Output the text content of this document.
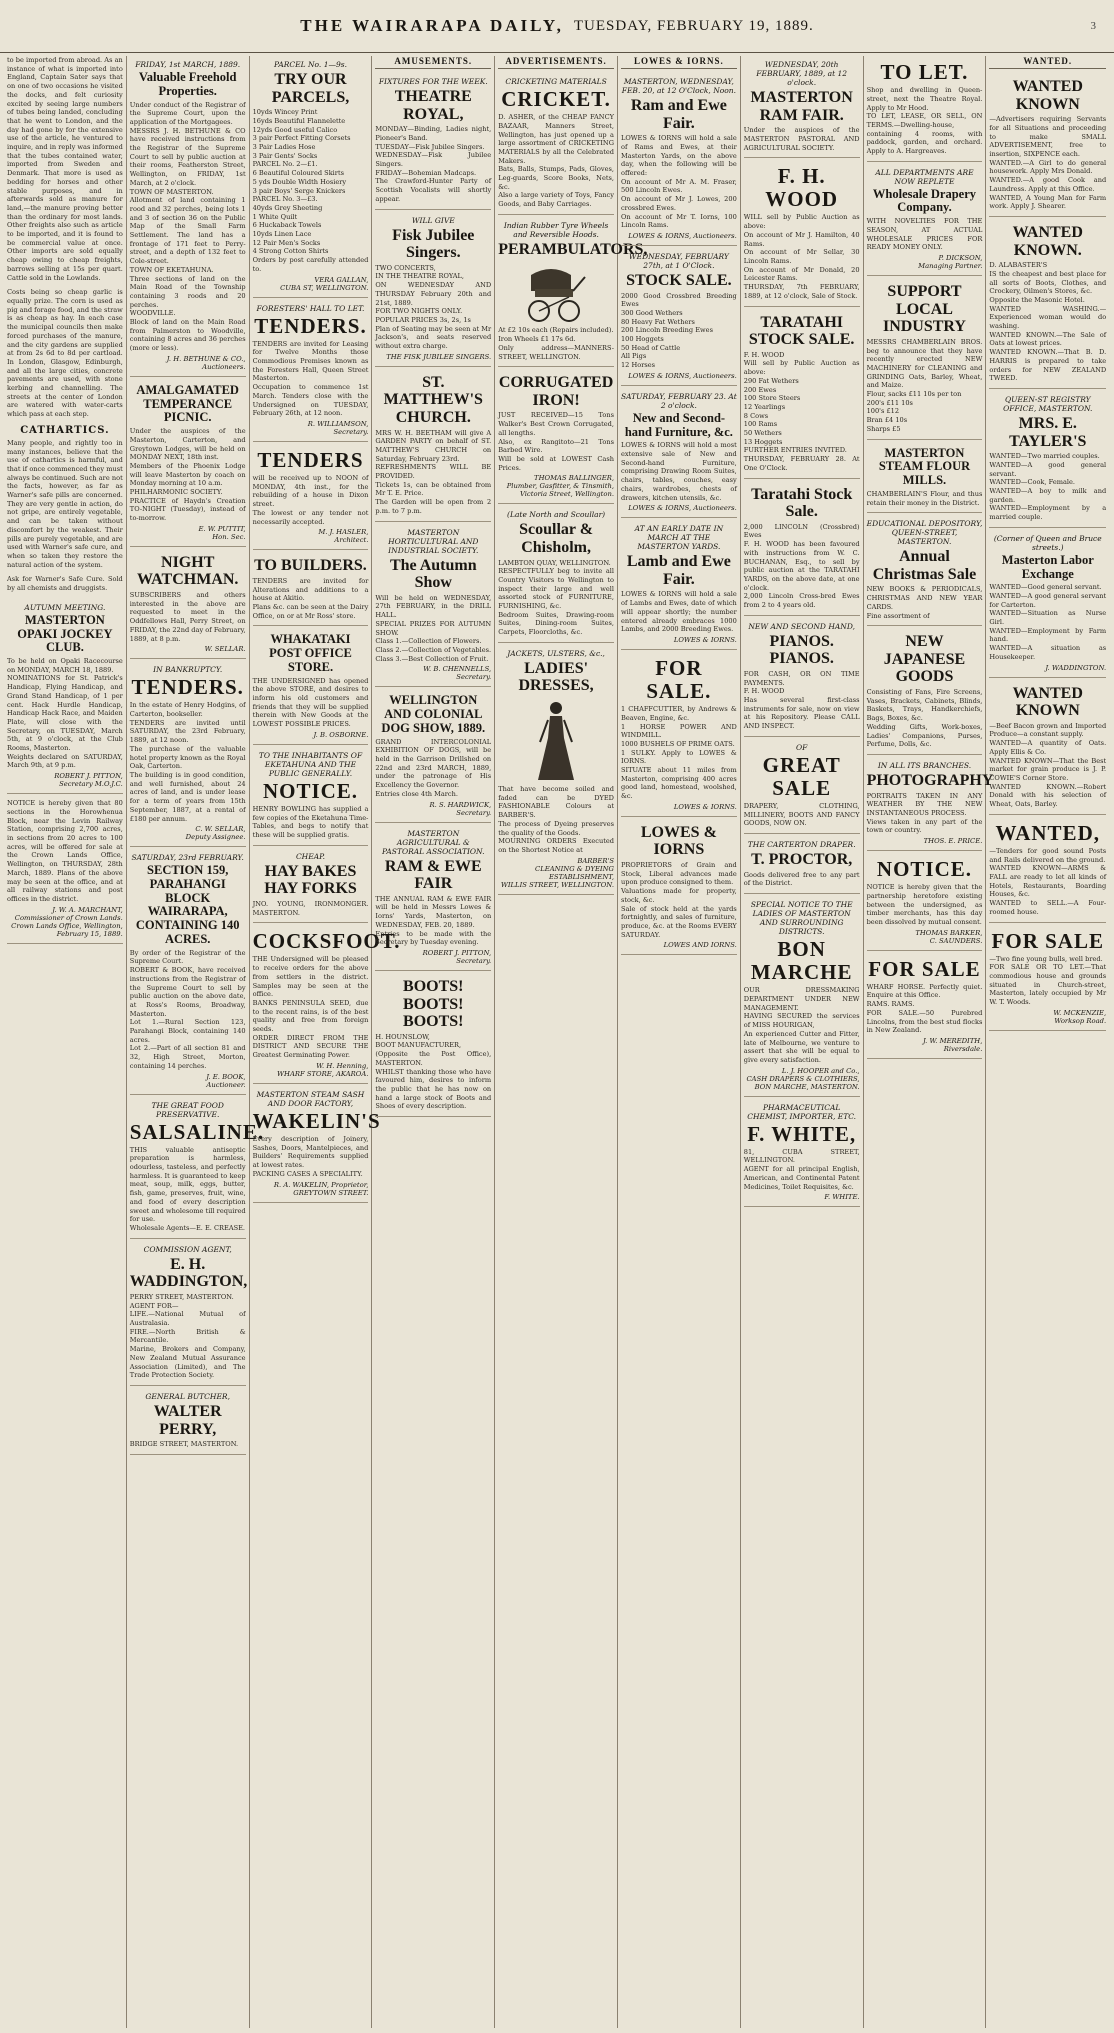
THE WAIRARAPA DAILY, TUESDAY, FEBRUARY 19, 1889.	3
to be imported from abroad. As an instance of what is imported into England, Captain Sater says that on one of two occasions he visited the docks, and felt curiosity excited by seeing large numbers of tubes being landed, concluding that he went to London, and the day had gone by for the extensive use of the article, he ventured to inquire, and in reply was informed that the tubes contained water, imported from Sweden and Denmark. That more is used as bedding for horses and other stable purposes, and in afterwards sold as manure for land,—the manure proving better than the ordinary for most lands. Other freights also such as article to be imported, and it is found to be commercial value at once. Other imports are sold equally cheap owing to cheap freights, barrows selling at 15s per quart. Cattle sold in the Lowlands.
Costs being so cheap garlic is equally prize. The corn is used as pig and forage food, and the straw is as cheap as hay. In each case the municipal councils then make forced purchases of the manure, and the city gardens are supplied at from 2s 6d to 8d per cartload. In London, Glasgow, Edinburgh, and all the large cities, concrete pavements are used, with stone kerbing and channelling. The streets at the center of London are watered with water-carts which pass at each step.
CATHARTICS.
Many people, and rightly too in many instances, believe that the use of cathartics is harmful, and that if once commenced they must always be continued. Such are not the facts, however, as far as Warner's safe pills are concerned. They are very gentle in action, do not gripe, are entirely vegetable, and can be taken without discomfort by the weakest. Their pills are purely vegetable, and are used with Warner's safe cure, and when so taken they restore the natural action of the system.
Ask for Warner's Safe Cure. Sold by all chemists and druggists.
AUTUMN MEETING.
MASTERTON OPAKI JOCKEY CLUB.
To be held on Opaki Racecourse on MONDAY, MARCH 18, 1889.
NOMINATIONS for St. Patrick's Handicap, Flying Handicap, and Grand Stand Handicap, of 1 per cent. Hack Hurdle Handicap, Handicap Hack Race, and Maiden Plate, will close with the Secretary, on TUESDAY, March 5th, at 9 o'clock, at the Club Rooms, Masterton.
Weights declared on SATURDAY, March 9th, at 9 p.m.
ROBERT J. PITTON,
Secretary M.O.J.C.
NOTICE is hereby given that 80 sections in the Horowhenua Block, near the Levin Railway Station, comprising 2,700 acres, in sections from 20 acres to 100 acres, will be offered for sale at the Crown Lands Office, Wellington, on THURSDAY, 28th March, 1889. Plans of the above may be seen at the office, and at all railway stations and post offices in the district.
J. W. A. MARCHANT,
Commissioner of Crown Lands.
Crown Lands Office, Wellington, February 15, 1889.
FRIDAY, 1st MARCH, 1889.
Valuable Freehold Properties.
Under conduct of the Registrar of the Supreme Court, upon the application of the Mortgagees.
MESSRS J. H. BETHUNE & CO have received instructions from the Registrar of the Supreme Court to sell by public auction at their rooms, Featherston Street, Wellington, on FRIDAY, 1st March, at 2 o'clock.
TOWN OF MASTERTON.
Allotment of land containing 1 rood and 32 perches, being lots 1 and 3 of section 36 on the Public Map of the Small Farm Settlement. The land has a frontage of 171 feet to Perry-street, and a depth of 132 feet to Cole-street.
TOWN OF EKETAHUNA.
Three sections of land on the Main Road of the Township containing 3 roods and 20 perches.
WOODVILLE.
Block of land on the Main Road from Palmerston to Woodville, containing 8 acres and 36 perches (more or less).
J. H. BETHUNE & CO.,
Auctioneers.
AMALGAMATED TEMPERANCE PICNIC.
Under the auspices of the Masterton, Carterton, and Greytown Lodges, will be held on MONDAY NEXT, 18th inst.
Members of the Phoenix Lodge will leave Masterton by coach on Monday morning at 10 a.m.
PHILHARMONIC SOCIETY.
PRACTICE of Haydn's Creation TO-NIGHT (Tuesday), instead of to-morrow.
E. W. PUTTIT,
Hon. Sec.
NIGHT WATCHMAN.
SUBSCRIBERS and others interested in the above are requested to meet in the Oddfellows Hall, Perry Street, on FRIDAY, the 22nd day of February, 1889, at 8 p.m.
W. SELLAR.
IN BANKRUPTCY.
TENDERS.
In the estate of Henry Hodgins, of Carterton, bookseller.
TENDERS are invited until SATURDAY, the 23rd February, 1889, at 12 noon.
The purchase of the valuable hotel property known as the Royal Oak, Carterton.
The building is in good condition, and well furnished, about 24 acres of land, and is under lease for a term of years from 15th September, 1887, at a rental of £180 per annum.
C. W. SELLAR,
Deputy Assignee.
SATURDAY, 23rd FEBRUARY.
SECTION 159, PARAHANGI BLOCK WAIRARAPA, CONTAINING 140 ACRES.
By order of the Registrar of the Supreme Court.
ROBERT & BOOK, have received instructions from the Registrar of the Supreme Court to sell by public auction on the above date, at Ross's Rooms, Broadway, Masterton.
Lot 1.—Rural Section 123, Parahangi Block, containing 140 acres.
Lot 2.—Part of all section 81 and 32, High Street, Morton, containing 14 perches.
J. E. BOOK,
Auctioneer.
THE GREAT FOOD PRESERVATIVE.
SALSALINE.
THIS valuable antiseptic preparation is harmless, odourless, tasteless, and perfectly harmless. It is guaranteed to keep meat, soup, milk, eggs, butter, fish, game, preserves, fruit, wine, and food of every description sweet and wholesome till required for use.
Wholesale Agents—E. E. CREASE.
COMMISSION AGENT,
E. H. WADDINGTON,
PERRY STREET, MASTERTON.
AGENT FOR—
LIFE.—National Mutual of Australasia.
FIRE.—North British & Mercantile.
Marine, Brokers and Company, New Zealand Mutual Assurance Association (Limited), and The Trade Protection Society.
GENERAL BUTCHER,
WALTER PERRY,
BRIDGE STREET, MASTERTON.
PARCEL No. 1—9s.
TRY OUR PARCELS,
10yds Wincey Print
16yds Beautiful Flannelette
12yds Good useful Calico
3 pair Perfect Fitting Corsets
3 Pair Ladies Hose
3 Pair Gents' Socks
PARCEL No. 2—£1.
6 Beautiful Coloured Skirts
5 yds Double Width Hosiery
3 pair Boys' Serge Knickers
PARCEL No. 3—£3.
40yds Grey Sheeting
1 White Quilt
6 Huckaback Towels
10yds Linen Lace
12 Pair Men's Socks
4 Strong Cotton Shirts
Orders by post carefully attended to.
VERA GALLAN,
CUBA ST, WELLINGTON.
FORESTERS' HALL TO LET.
TENDERS.
TENDERS are invited for Leasing for Twelve Months those Commodious Premises known as the Foresters Hall, Queen Street Masterton.
Occupation to commence 1st March. Tenders close with the Undersigned on TUESDAY, February 26th, at 12 noon.
R. WILLIAMSON,
Secretary.
TENDERS
will be received up to NOON of MONDAY, 4th inst., for the rebuilding of a house in Dixon street.
The lowest or any tender not necessarily accepted.
M. J. HASLER,
Architect.
TO BUILDERS.
TENDERS are invited for Alterations and additions to a house at Akitio.
Plans &c. can be seen at the Dairy Office, on or at Mr Ross' store.
WHAKATAKI POST OFFICE STORE.
THE UNDERSIGNED has opened the above STORE, and desires to inform his old customers and friends that they will be supplied therein with New Goods at the LOWEST POSSIBLE PRICES.
J. B. OSBORNE.
TO THE INHABITANTS OF EKETAHUNA AND THE PUBLIC GENERALLY.
NOTICE.
HENRY BOWLING has supplied a few copies of the Eketahuna Time-Tables, and begs to notify that these will be supplied gratis.
CHEAP.
HAY BAKES HAY FORKS
JNO. YOUNG, IRONMONGER. MASTERTON.
COCKSFOOT.
THE Undersigned will be pleased to receive orders for the above from settlers in the district. Samples may be seen at the office.
BANKS PENINSULA SEED, due to the recent rains, is of the best quality and free from foreign seeds.
ORDER DIRECT FROM THE DISTRICT AND SECURE THE Greatest Germinating Power.
W. H. Henning,
WHARF STORE, AKAROA.
MASTERTON STEAM SASH AND DOOR FACTORY,
WAKELIN'S
Every description of Joinery, Sashes, Doors, Mantelpieces, and Builders' Requirements supplied at lowest rates.
PACKING CASES A SPECIALITY.
R. A. WAKELIN, Proprietor,
GREYTOWN STREET.
AMUSEMENTS.
FIXTURES FOR THE WEEK.
THEATRE ROYAL,
MONDAY—Binding, Ladies night, Pioneer's Band.
TUESDAY—Fisk Jubilee Singers.
WEDNESDAY—Fisk Jubilee Singers.
FRIDAY—Bohemian Madcaps.
The Crawford-Hunter Party of Scottish Vocalists will shortly appear.
WILL GIVE
Fisk Jubilee Singers.
TWO CONCERTS,
IN THE THEATRE ROYAL,
ON WEDNESDAY AND THURSDAY February 20th and 21st, 1889.
FOR TWO NIGHTS ONLY.
POPULAR PRICES 3s, 2s, 1s
Plan of Seating may be seen at Mr Jackson's, and seats reserved without extra charge.
THE FISK JUBILEE SINGERS.
ST. MATTHEW'S CHURCH.
MRS W. H. BEETHAM will give A GARDEN PARTY on behalf of ST. MATTHEW'S CHURCH on Saturday, February 23rd.
REFRESHMENTS WILL BE PROVIDED.
Tickets 1s, can be obtained from Mr T. E. Price.
The Garden will be open from 2 p.m. to 7 p.m.
MASTERTON HORTICULTURAL AND INDUSTRIAL SOCIETY.
The Autumn Show
Will be held on WEDNESDAY, 27th FEBRUARY, in the DRILL HALL.
SPECIAL PRIZES FOR AUTUMN SHOW.
Class 1.—Collection of Flowers.
Class 2.—Collection of Vegetables.
Class 3.—Best Collection of Fruit.
W. B. CHENNELLS,
Secretary.
WELLINGTON AND COLONIAL DOG SHOW, 1889.
GRAND INTERCOLONIAL EXHIBITION OF DOGS, will be held in the Garrison Drillshed on 22nd and 23rd MARCH, 1889, under the patronage of His Excellency the Governor.
Entries close 4th March.
R. S. HARDWICK,
Secretary.
MASTERTON AGRICULTURAL & PASTORAL ASSOCIATION.
RAM & EWE FAIR
THE ANNUAL RAM & EWE FAIR will be held in Messrs Lowes & Iorns' Yards, Masterton, on WEDNESDAY, FEB. 20, 1889.
Entries to be made with the Secretary by Tuesday evening.
ROBERT J. PITTON,
Secretary.
BOOTS! BOOTS! BOOTS!
H. HOUNSLOW,
BOOT MANUFACTURER,
(Opposite the Post Office), MASTERTON.
WHILST thanking those who have favoured him, desires to inform the public that he has now on hand a large stock of Boots and Shoes of every description.
ADVERTISEMENTS.
CRICKETING MATERIALS
CRICKET.
D. ASHER, of the CHEAP FANCY BAZAAR, Manners Street, Wellington, has just opened up a large assortment of CRICKETING MATERIALS by all the Celebrated Makers.
Bats, Balls, Stumps, Pads, Gloves, Leg-guards, Score Books, Nets, &c.
Also a large variety of Toys, Fancy Goods, and Baby Carriages.
Indian Rubber Tyre Wheels and Reversible Hoods.
PERAMBULATORS,
At £2 10s each (Repairs included).
Iron Wheels £1 17s 6d.
Only address—MANNERS-STREET, WELLINGTON.
CORRUGATED IRON!
JUST RECEIVED—15 Tons Walker's Best Crown Corrugated, all lengths.
Also, ex Rangitoto—21 Tons Barbed Wire.
Will be sold at LOWEST Cash Prices.
THOMAS BALLINGER,
Plumber, Gasfitter, & Tinsmith,
Victoria Street, Wellington.
(Late North and Scoullar)
Scoullar & Chisholm,
LAMBTON QUAY, WELLINGTON.
RESPECTFULLY beg to invite all Country Visitors to Wellington to inspect their large and well assorted stock of FURNITURE, FURNISHING, &c.
Bedroom Suites, Drawing-room Suites, Dining-room Suites, Carpets, Floorcloths, &c.
JACKETS, ULSTERS, &c.,
LADIES' DRESSES,
That have become soiled and faded can be DYED FASHIONABLE Colours at BARBER'S.
The process of Dyeing preserves the quality of the Goods.
MOURNING ORDERS Executed on the Shortest Notice at
BARBER'S
CLEANING & DYEING ESTABLISHMENT,
WILLIS STREET, WELLINGTON.
LOWES & IORNS.
MASTERTON, WEDNESDAY, FEB. 20, at 12 O'Clock, Noon.
Ram and Ewe Fair.
LOWES & IORNS will hold a sale of Rams and Ewes, at their Masterton Yards, on the above day, when the following will be offered:
On account of Mr A. M. Fraser, 500 Lincoln Ewes.
On account of Mr J. Lowes, 200 crossbred Ewes.
On account of Mr T. Iorns, 100 Lincoln Rams.
LOWES & IORNS, Auctioneers.
WEDNESDAY, FEBRUARY 27th, at 1 O'Clock.
STOCK SALE.
2000 Good Crossbred Breeding Ewes
300 Good Wethers
80 Heavy Fat Wethers
200 Lincoln Breeding Ewes
100 Hoggets
50 Head of Cattle
All Pigs
12 Horses
LOWES & IORNS, Auctioneers.
SATURDAY, FEBRUARY 23. At 2 o'clock.
New and Second-hand Furniture, &c.
LOWES & IORNS will hold a most extensive sale of New and Second-hand Furniture, comprising Drawing Room Suites, chairs, tables, couches, easy chairs, wardrobes, chests of drawers, kitchen utensils, &c.
LOWES & IORNS, Auctioneers.
AT AN EARLY DATE IN MARCH AT THE MASTERTON YARDS.
Lamb and Ewe Fair.
LOWES & IORNS will hold a sale of Lambs and Ewes, date of which will appear shortly; the number entered already embraces 1000 Lambs, and 2000 Breeding Ewes.
LOWES & IORNS.
FOR SALE.
1 CHAFFCUTTER, by Andrews & Beaven, Engine, &c.
1 HORSE POWER AND WINDMILL.
1000 BUSHELS OF PRIME OATS.
1 SULKY. Apply to LOWES & IORNS.
SITUATE about 11 miles from Masterton, comprising 400 acres good land, homestead, woolshed, &c.
LOWES & IORNS.
LOWES & IORNS
PROPRIETORS of Grain and Stock, Liberal advances made upon produce consigned to them.
Valuations made for property, stock, &c.
Sale of stock held at the yards fortnightly, and sales of furniture, produce, &c. at the Rooms EVERY SATURDAY.
LOWES AND IORNS.
WEDNESDAY, 20th FEBRUARY, 1889, at 12 o'clock.
MASTERTON RAM FAIR.
Under the auspices of the MASTERTON PASTORAL AND AGRICULTURAL SOCIETY.
F. H. WOOD
WILL sell by Public Auction as above:
On account of Mr J. Hamilton, 40 Rams.
On account of Mr Sellar, 30 Lincoln Rams.
On account of Mr Donald, 20 Leicester Rams.
THURSDAY, 7th FEBRUARY, 1889, at 12 o'clock, Sale of Stock.
TARATAHI STOCK SALE.
F. H. WOOD
Will sell by Public Auction as above:
290 Fat Wethers
200 Ewes
100 Store Steers
12 Yearlings
8 Cows
100 Rams
50 Wethers
13 Hoggets
FURTHER ENTRIES INVITED.
THURSDAY, FEBRUARY 28. At One O'Clock.
Taratahi Stock Sale.
2,000 LINCOLN (Crossbred) Ewes
F. H. WOOD has been favoured with instructions from W. C. BUCHANAN, Esq., to sell by public auction at the TARATAHI YARDS, on the above date, at one o'clock.
2,000 Lincoln Cross-bred Ewes from 2 to 4 years old.
NEW AND SECOND HAND,
PIANOS. PIANOS.
FOR CASH, OR ON TIME PAYMENTS.
F. H. WOOD
Has several first-class instruments for sale, now on view at his Repository. Please CALL AND INSPECT.
OF
GREAT SALE
DRAPERY, CLOTHING, MILLINERY, BOOTS AND FANCY GOODS, NOW ON.
THE CARTERTON DRAPER.
T. PROCTOR,
Goods delivered free to any part of the District.
SPECIAL NOTICE TO THE LADIES OF MASTERTON AND SURROUNDING DISTRICTS.
BON MARCHE
OUR DRESSMAKING DEPARTMENT UNDER NEW MANAGEMENT.
HAVING SECURED the services of MISS HOURIGAN,
An experienced Cutter and Fitter, late of Melbourne, we venture to assert that she will be equal to give every satisfaction.
L. J. HOOPER and Co.,
CASH DRAPERS & CLOTHIERS,
BON MARCHE, MASTERTON.
PHARMACEUTICAL CHEMIST, IMPORTER, ETC.
F. WHITE,
81, CUBA STREET, WELLINGTON.
AGENT for all principal English, American, and Continental Patent Medicines, Toilet Requisites, &c.
F. WHITE.
TO LET.
Shop and dwelling in Queen-street, next the Theatre Royal. Apply to Mr Hood.
TO LET, LEASE, OR SELL, ON TERMS.—Dwelling-house, containing 4 rooms, with paddock, garden, and orchard. Apply to A. Hargreaves.
ALL DEPARTMENTS ARE NOW REPLETE
Wholesale Drapery Company.
WITH NOVELTIES FOR THE SEASON, AT ACTUAL WHOLESALE PRICES FOR READY MONEY ONLY.
P. DICKSON,
Managing Partner.
SUPPORT LOCAL INDUSTRY
MESSRS CHAMBERLAIN BROS. beg to announce that they have recently erected NEW MACHINERY for CLEANING and GRINDING Oats, Barley, Wheat, and Maize.
Flour, sacks £11 10s per ton
200's £11 10s
100's £12
Bran £4 10s
Sharps £5
MASTERTON STEAM FLOUR MILLS.
CHAMBERLAIN'S Flour, and thus retain their money in the District.
EDUCATIONAL DEPOSITORY, QUEEN-STREET, MASTERTON.
Annual Christmas Sale
NEW BOOKS & PERIODICALS, CHRISTMAS AND NEW YEAR CARDS.
Fine assortment of
NEW JAPANESE GOODS
Consisting of Fans, Fire Screens, Vases, Brackets, Cabinets, Blinds, Baskets, Trays, Handkerchiefs, Bags, Boxes, &c.
Wedding Gifts, Work-boxes, Ladies' Companions, Purses, Perfume, Dolls, &c.
IN ALL ITS BRANCHES.
PHOTOGRAPHY
PORTRAITS TAKEN IN ANY WEATHER BY THE NEW INSTANTANEOUS PROCESS.
Views taken in any part of the town or country.
THOS. E. PRICE.
NOTICE.
NOTICE is hereby given that the partnership heretofore existing between the undersigned, as timber merchants, has this day been dissolved by mutual consent.
THOMAS BARKER,
C. SAUNDERS.
FOR SALE
WHARF HORSE. Perfectly quiet. Enquire at this Office.
RAMS. RAMS.
FOR SALE.—50 Purebred Lincolns, from the best stud flocks in New Zealand.
J. W. MEREDITH,
Riversdale.
WANTED.
WANTED KNOWN
—Advertisers requiring Servants for all Situations and proceeding to make SMALL ADVERTISEMENT, free to insertion, SIXPENCE each.
WANTED.—A Girl to do general housework. Apply Mrs Donald.
WANTED.—A good Cook and Laundress. Apply at this Office.
WANTED, A Young Man for Farm work. Apply J. Shearer.
WANTED KNOWN.
D. ALABASTER'S
IS the cheapest and best place for all sorts of Boots, Clothes, and Crockery, Oilmen's Stores, &c.
Opposite the Masonic Hotel.
WANTED WASHING.—Experienced woman would do washing.
WANTED KNOWN.—The Sale of Oats at lowest prices.
WANTED KNOWN.—That B. D. HARRIS is prepared to take orders for NEW ZEALAND TWEED.
QUEEN-ST REGISTRY OFFICE, MASTERTON.
MRS. E. TAYLER'S
WANTED—Two married couples.
WANTED—A good general servant.
WANTED—Cook, Female.
WANTED—A boy to milk and garden.
WANTED—Employment by a married couple.
(Corner of Queen and Bruce streets.)
Masterton Labor Exchange
WANTED—Good general servant.
WANTED—A good general servant for Carterton.
WANTED—Situation as Nurse Girl.
WANTED—Employment by Farm hand.
WANTED—A situation as Housekeeper.
J. WADDINGTON.
WANTED KNOWN
—Beef Bacon grown and Imported Produce—a constant supply.
WANTED—A quantity of Oats. Apply Ellis & Co.
WANTED KNOWN—That the Best market for grain produce is J. P. COWIE'S Corner Store.
WANTED KNOWN.—Robert Donald with his selection of Wheat, Oats, Barley.
WANTED,
—Tenders for good sound Posts and Rails delivered on the ground.
WANTED KNOWN—ARMS & FALL are ready to let all kinds of Hotels, Restaurants, Boarding Houses, &c.
WANTED to SELL.—A Four-roomed house.
FOR SALE
—Two fine young bulls, well bred.
FOR SALE OR TO LET.—That commodious house and grounds situated in Church-street, Masterton, lately occupied by Mr W. T. Woods.
W. MCKENZIE,
Worksop Road.
